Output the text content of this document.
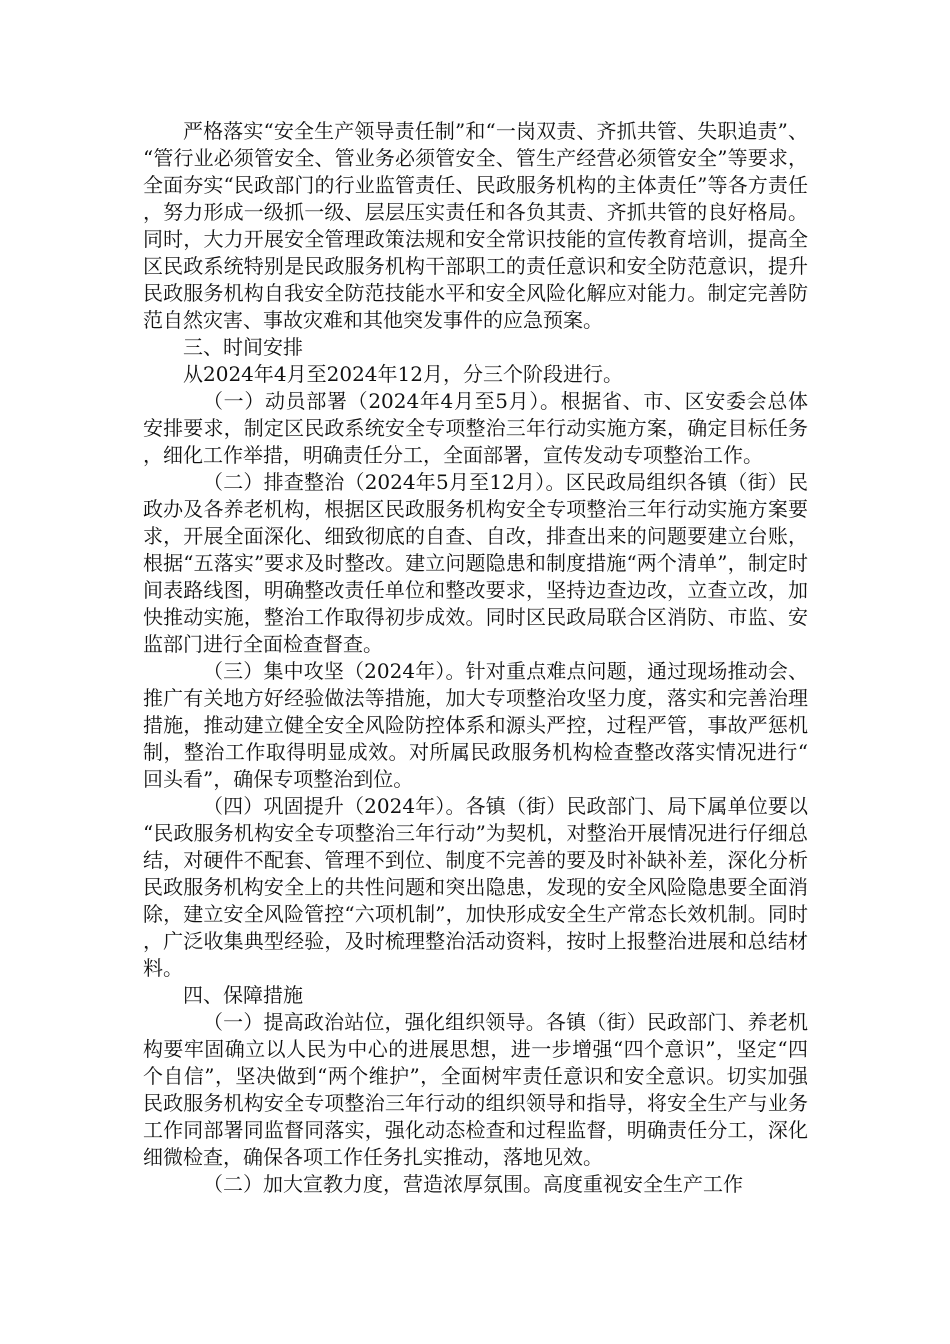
严格落实“安全生产领导责任制”和“一岗双责、齐抓共管、失职追责”、“管行业必须管安全、管业务必须管安全、管生产经营必须管安全”等要求，全面夯实“民政部门的行业监管责任、民政服务机构的主体责任”等各方责任，努力形成一级抓一级、层层压实责任和各负其责、齐抓共管的良好格局。同时，大力开展安全管理政策法规和安全常识技能的宣传教育培训，提高全区民政系统特别是民政服务机构干部职工的责任意识和安全防范意识，提升民政服务机构自我安全防范技能水平和安全风险化解应对能力。制定完善防范自然灾害、事故灾难和其他突发事件的应急预案。

三、时间安排

从2024年4月至2024年12月，分三个阶段进行。

（一）动员部署（2024年4月至5月）。根据省、市、区安委会总体安排要求，制定区民政系统安全专项整治三年行动实施方案，确定目标任务，细化工作举措，明确责任分工，全面部署，宣传发动专项整治工作。

（二）排查整治（2024年5月至12月）。区民政局组织各镇（街）民政办及各养老机构，根据区民政服务机构安全专项整治三年行动实施方案要求，开展全面深化、细致彻底的自查、自改，排查出来的问题要建立台账，根据“五落实”要求及时整改。建立问题隐患和制度措施“两个清单”，制定时间表路线图，明确整改责任单位和整改要求，坚持边查边改，立查立改，加快推动实施，整治工作取得初步成效。同时区民政局联合区消防、市监、安监部门进行全面检查督查。

（三）集中攻坚（2024年）。针对重点难点问题，通过现场推动会、推广有关地方好经验做法等措施，加大专项整治攻坚力度，落实和完善治理措施，推动建立健全安全风险防控体系和源头严控，过程严管，事故严惩机制，整治工作取得明显成效。对所属民政服务机构检查整改落实情况进行“回头看”，确保专项整治到位。

（四）巩固提升（2024年）。各镇（街）民政部门、局下属单位要以“民政服务机构安全专项整治三年行动”为契机，对整治开展情况进行仔细总结，对硬件不配套、管理不到位、制度不完善的要及时补缺补差，深化分析民政服务机构安全上的共性问题和突出隐患，发现的安全风险隐患要全面消除，建立安全风险管控“六项机制”，加快形成安全生产常态长效机制。同时，广泛收集典型经验，及时梳理整治活动资料，按时上报整治进展和总结材料。

四、保障措施

（一）提高政治站位，强化组织领导。各镇（街）民政部门、养老机构要牢固确立以人民为中心的进展思想，进一步增强“四个意识”，坚定“四个自信”，坚决做到“两个维护”，全面树牢责任意识和安全意识。切实加强民政服务机构安全专项整治三年行动的组织领导和指导，将安全生产与业务工作同部署同监督同落实，强化动态检查和过程监督，明确责任分工，深化细微检查，确保各项工作任务扎实推动，落地见效。

（二）加大宣教力度，营造浓厚氛围。高度重视安全生产工作
